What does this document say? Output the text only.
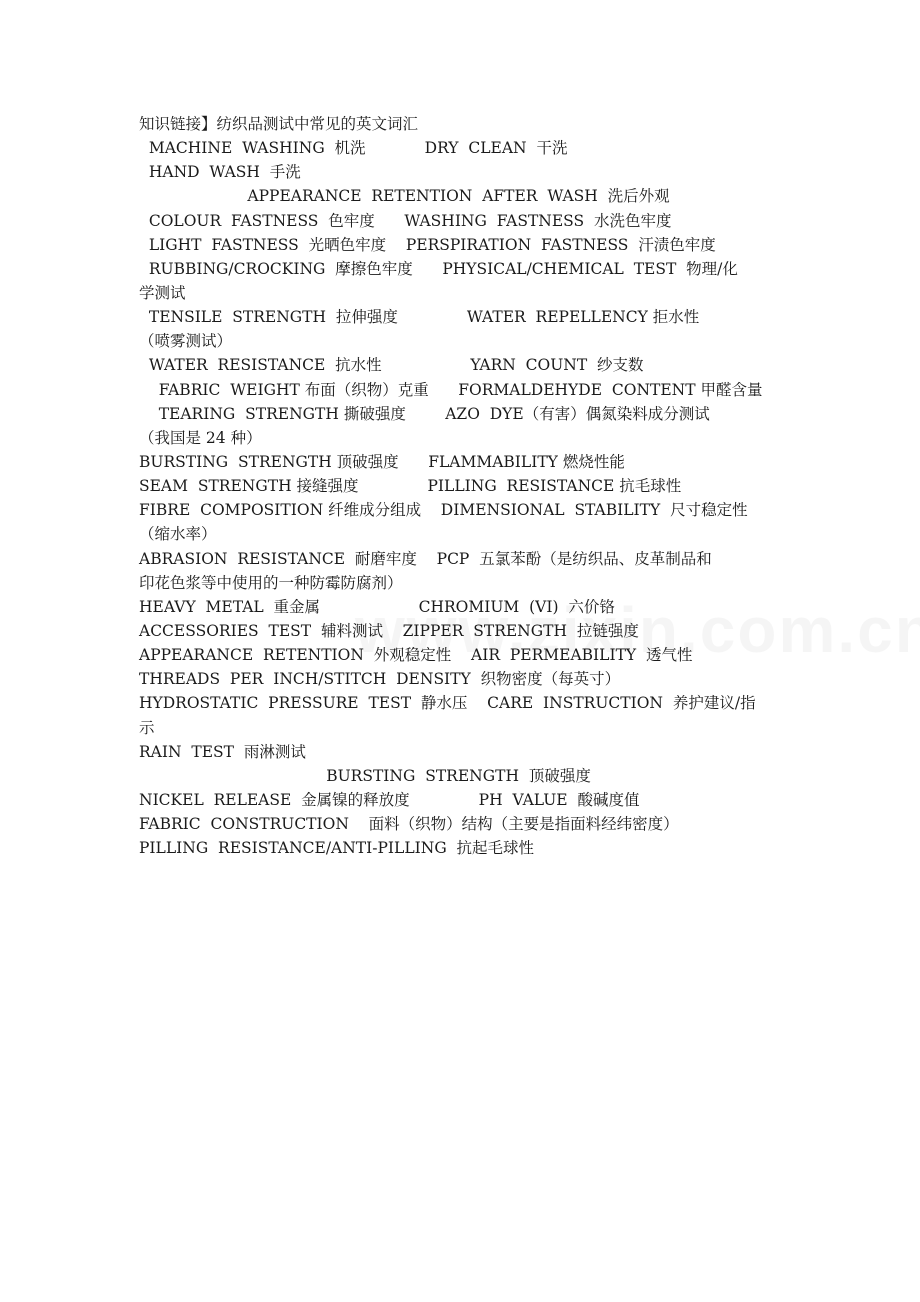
知识链接】纺织品测试中常见的英文词汇
MACHINE  WASHING  机洗            DRY  CLEAN  干洗
HAND  WASH  手洗
APPEARANCE  RETENTION  AFTER  WASH  洗后外观
COLOUR  FASTNESS  色牢度      WASHING  FASTNESS  水洗色牢度
LIGHT  FASTNESS  光晒色牢度    PERSPIRATION  FASTNESS  汗渍色牢度
RUBBING/CROCKING  摩擦色牢度      PHYSICAL/CHEMICAL  TEST  物理/化
学测试
TENSILE  STRENGTH  拉伸强度              WATER  REPELLENCY 拒水性
（喷雾测试）
WATER  RESISTANCE  抗水性                  YARN  COUNT  纱支数
FABRIC  WEIGHT 布面（织物）克重      FORMALDEHYDE  CONTENT 甲醛含量
TEARING  STRENGTH 撕破强度        AZO  DYE（有害）偶氮染料成分测试
（我国是 24 种）
BURSTING  STRENGTH 顶破强度      FLAMMABILITY 燃烧性能
SEAM  STRENGTH 接缝强度              PILLING  RESISTANCE 抗毛球性
FIBRE  COMPOSITION 纤维成分组成    DIMENSIONAL  STABILITY  尺寸稳定性
（缩水率）
ABRASION  RESISTANCE  耐磨牢度    PCP  五氯苯酚（是纺织品、皮革制品和
印花色浆等中使用的一种防霉防腐剂）
HEAVY  METAL  重金属                    CHROMIUM  (VI)  六价铬
ACCESSORIES  TEST  辅料测试    ZIPPER  STRENGTH  拉链强度
APPEARANCE  RETENTION  外观稳定性    AIR  PERMEABILITY  透气性
THREADS  PER  INCH/STITCH  DENSITY  织物密度（每英寸）
HYDROSTATIC  PRESSURE  TEST  静水压    CARE  INSTRUCTION  养护建议/指
示
RAIN  TEST  雨淋测试
BURSTING  STRENGTH  顶破强度
NICKEL  RELEASE  金属镍的释放度              PH  VALUE  酸碱度值
FABRIC  CONSTRUCTION    面料（织物）结构（主要是指面料经纬密度）
PILLING  RESISTANCE/ANTI-PILLING  抗起毛球性
